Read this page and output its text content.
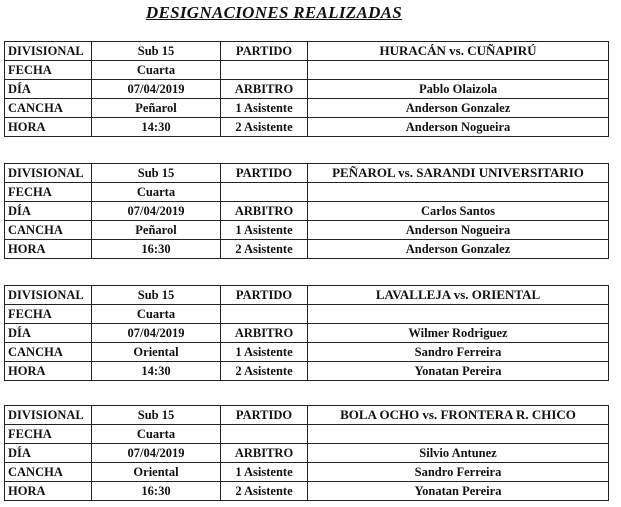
DESIGNACIONES REALIZADAS
DIVISIONAL	Sub 15	PARTIDO	HURACÁN vs. CUÑAPIRÚ
FECHA	Cuarta		
DÍA	07/04/2019	ARBITRO	Pablo Olaizola
CANCHA	Peñarol	1 Asistente	Anderson Gonzalez
HORA	14:30	2 Asistente	Anderson Nogueira
DIVISIONAL	Sub 15	PARTIDO	PEÑAROL vs. SARANDI UNIVERSITARIO
FECHA	Cuarta		
DÍA	07/04/2019	ARBITRO	Carlos Santos
CANCHA	Peñarol	1 Asistente	Anderson Nogueira
HORA	16:30	2 Asistente	Anderson Gonzalez
DIVISIONAL	Sub 15	PARTIDO	LAVALLEJA vs. ORIENTAL
FECHA	Cuarta		
DÍA	07/04/2019	ARBITRO	Wilmer Rodriguez
CANCHA	Oriental	1 Asistente	Sandro Ferreira
HORA	14:30	2 Asistente	Yonatan Pereira
DIVISIONAL	Sub 15	PARTIDO	BOLA OCHO vs. FRONTERA R. CHICO
FECHA	Cuarta		
DÍA	07/04/2019	ARBITRO	Silvio Antunez
CANCHA	Oriental	1 Asistente	Sandro Ferreira
HORA	16:30	2 Asistente	Yonatan Pereira
